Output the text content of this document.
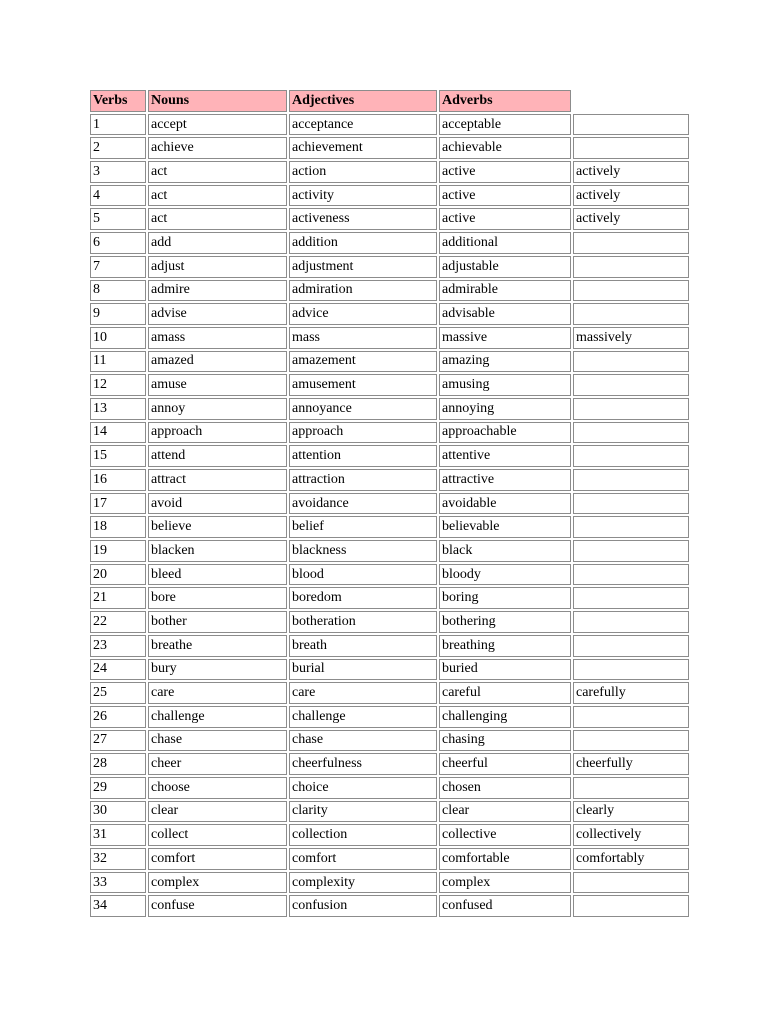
Verbs	Nouns	Adjectives	Adverbs	
1	accept	acceptance	acceptable	
2	achieve	achievement	achievable	
3	act	action	active	actively
4	act	activity	active	actively
5	act	activeness	active	actively
6	add	addition	additional	
7	adjust	adjustment	adjustable	
8	admire	admiration	admirable	
9	advise	advice	advisable	
10	amass	mass	massive	massively
11	amazed	amazement	amazing	
12	amuse	amusement	amusing	
13	annoy	annoyance	annoying	
14	approach	approach	approachable	
15	attend	attention	attentive	
16	attract	attraction	attractive	
17	avoid	avoidance	avoidable	
18	believe	belief	believable	
19	blacken	blackness	black	
20	bleed	blood	bloody	
21	bore	boredom	boring	
22	bother	botheration	bothering	
23	breathe	breath	breathing	
24	bury	burial	buried	
25	care	care	careful	carefully
26	challenge	challenge	challenging	
27	chase	chase	chasing	
28	cheer	cheerfulness	cheerful	cheerfully
29	choose	choice	chosen	
30	clear	clarity	clear	clearly
31	collect	collection	collective	collectively
32	comfort	comfort	comfortable	comfortably
33	complex	complexity	complex	
34	confuse	confusion	confused	
